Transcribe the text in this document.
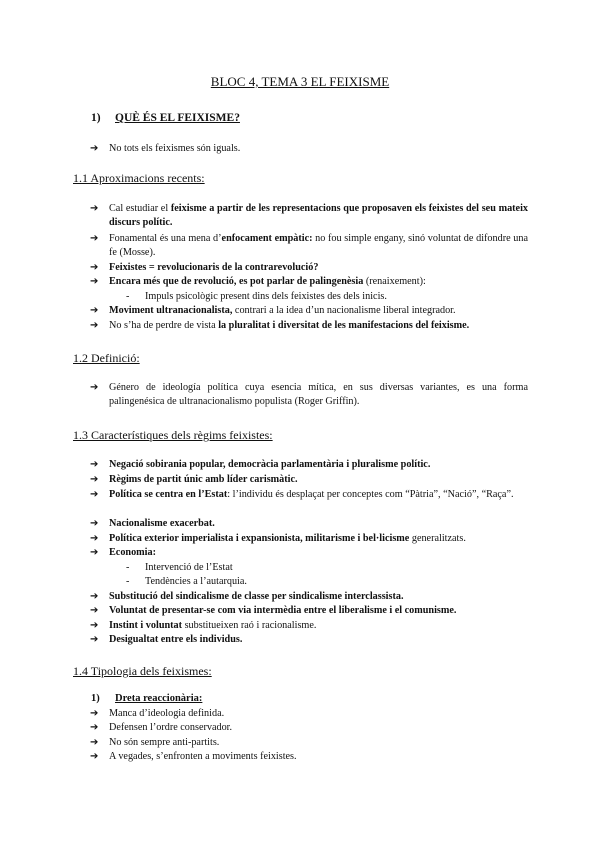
BLOC 4, TEMA 3 EL FEIXISME
1) QUÈ ÉS EL FEIXISME?
➔ No tots els feixismes són iguals.
1.1 Aproximacions recents:
➔ Cal estudiar el feixisme a partir de les representacions que proposaven els feixistes del seu mateix discurs polític.
➔ Fonamental és una mena d’enfocament empàtic: no fou simple engany, sinó voluntat de difondre una fe (Mosse).
➔ Feixistes = revolucionaris de la contrarevolució?
➔ Encara més que de revolució, es pot parlar de palingenèsia (renaixement):
- Impuls psicològic present dins dels feixistes des dels inicis.
➔ Moviment ultranacionalista, contrari a la idea d’un nacionalisme liberal integrador.
➔ No s’ha de perdre de vista la pluralitat i diversitat de les manifestacions del feixisme.
1.2 Definició:
➔ Género de ideología política cuya esencia mítica, en sus diversas variantes, es una forma palingenésica de ultranacionalismo populista (Roger Griffin).
1.3 Característiques dels règims feixistes:
➔ Negació sobirania popular, democràcia parlamentària i pluralisme polític.
➔ Règims de partit únic amb líder carismàtic.
➔ Política se centra en l’Estat: l’individu és desplaçat per conceptes com “Pàtria”, “Nació”, “Raça”.
➔ Nacionalisme exacerbat.
➔ Política exterior imperialista i expansionista, militarisme i bel·licisme generalitzats.
➔ Economia:
- Intervenció de l’Estat
- Tendències a l’autarquia.
➔ Substitució del sindicalisme de classe per sindicalisme interclassista.
➔ Voluntat de presentar-se com via intermèdia entre el liberalisme i el comunisme.
➔ Instint i voluntat substitueixen raó i racionalisme.
➔ Desigualtat entre els individus.
1.4 Tipologia dels feixismes:
1) Dreta reaccionària:
➔ Manca d’ideologia definida.
➔ Defensen l’ordre conservador.
➔ No són sempre anti-partits.
➔ A vegades, s’enfronten a moviments feixistes.
